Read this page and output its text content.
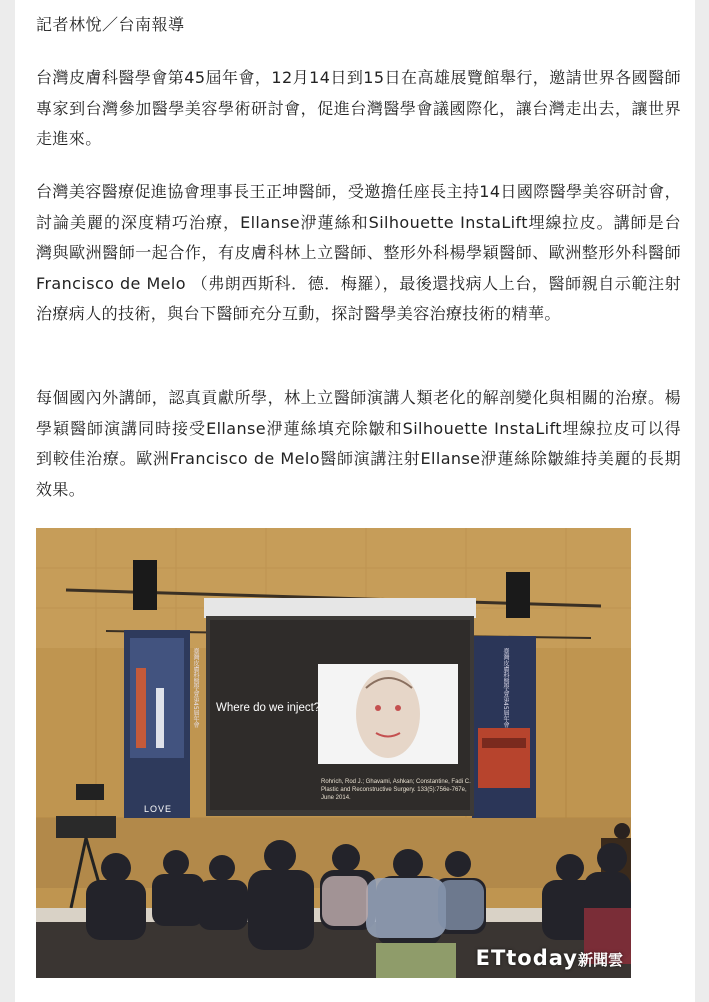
記者林悅／台南報導

台灣皮膚科醫學會第45屆年會，12月14日到15日在高雄展覽館舉行，邀請世界各國醫師專家到台灣參加醫學美容學術研討會，促進台灣醫學會議國際化，讓台灣走出去，讓世界走進來。

台灣美容醫療促進協會理事長王正坤醫師，受邀擔任座長主持14日國際醫學美容研討會，討論美麗的深度精巧治療，Ellanse洢蓮絲和Silhouette InstaLift埋線拉皮。講師是台灣與歐洲醫師一起合作，有皮膚科林上立醫師、整形外科楊學穎醫師、歐洲整形外科醫師Francisco de Melo （弗朗西斯科．德．梅羅），最後還找病人上台，醫師親自示範注射治療病人的技術，與台下醫師充分互動，探討醫學美容治療技術的精華。

每個國內外講師，認真貢獻所學，林上立醫師演講人類老化的解剖變化與相關的治療。楊學穎醫師演講同時接受Ellanse洢蓮絲填充除皺和Silhouette InstaLift埋線拉皮可以得到較佳治療。歐洲Francisco de Melo醫師演講注射Ellanse洢蓮絲除皺維持美麗的長期效果。

Where do we inject?
Rohrich, Rod J.; Ghavami, Ashkan; Constantine, Fadi C. Plastic and Reconstructive Surgery. 133(5):756e-767e, June 2014.
臺灣皮膚科醫學會第45屆年會	臺灣皮膚科醫學會第45屆年會
LOVE
ETtoday新聞雲
